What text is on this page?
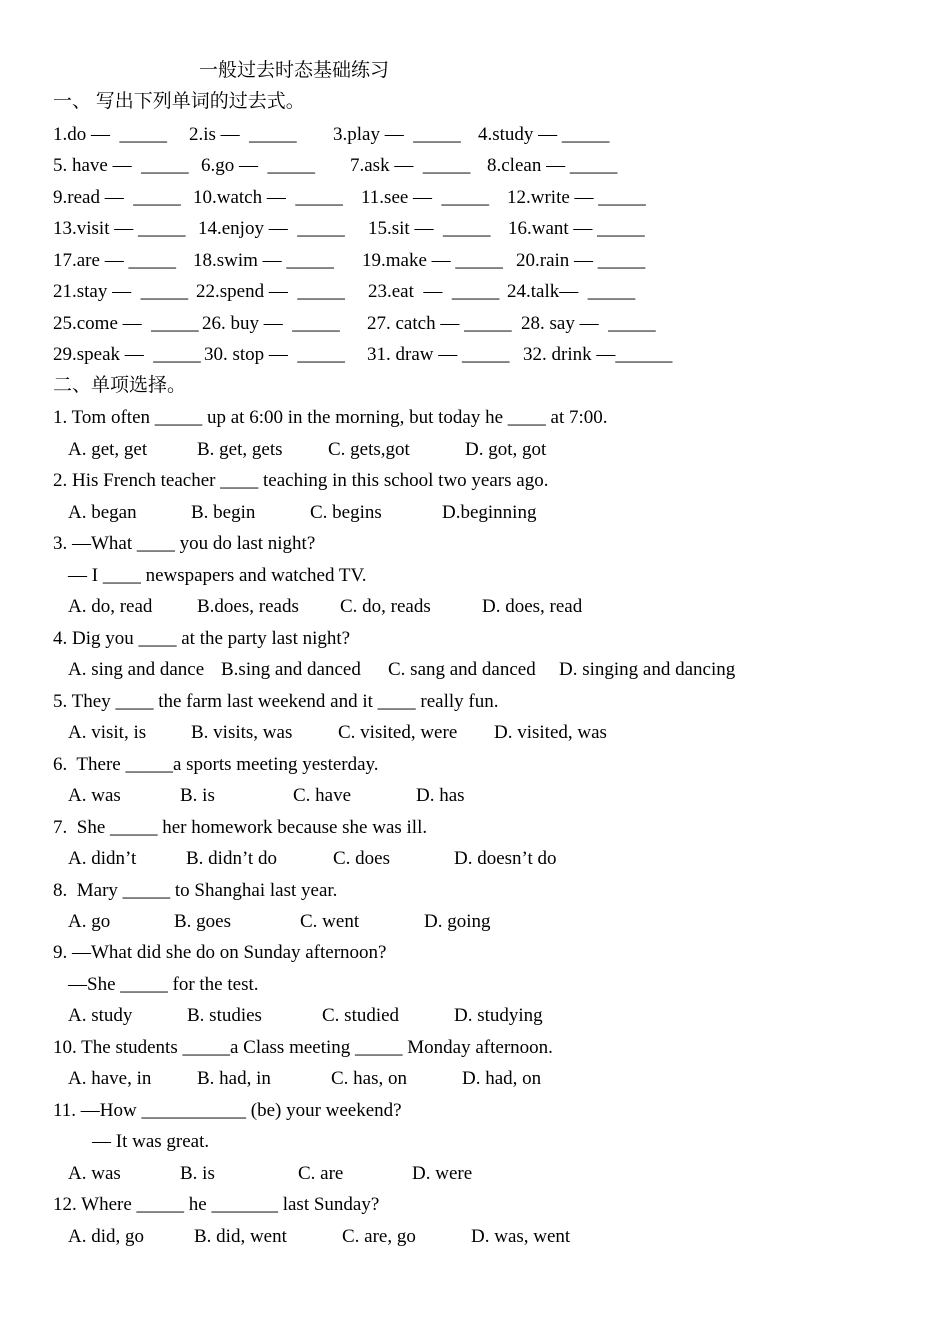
一般过去时态基础练习
一、 写出下列单词的过去式。
1.do —  _____ 2.is —  _____ 3.play —  _____ 4.study — _____
5. have —  _____ 6.go —  _____ 7.ask —  _____ 8.clean — _____
9.read —  _____ 10.watch —  _____ 11.see —  _____ 12.write — _____
13.visit — _____ 14.enjoy —  _____ 15.sit —  _____ 16.want — _____
17.are — _____ 18.swim — _____ 19.make — _____ 20.rain — _____
21.stay —  _____ 22.spend —  _____ 23.eat  —  _____ 24.talk—  _____
25.come —  _____ 26. buy —  _____ 27. catch — _____ 28. say —  _____
29.speak —  _____ 30. stop —  _____ 31. draw — _____ 32. drink —______
二、单项选择。
1. Tom often _____ up at 6:00 in the morning, but today he ____ at 7:00.
A. get, get	B. get, gets C. gets,got	D. got, got
2. His French teacher ____ teaching in this school two years ago.
A. began	B. begin	C. begins	D.beginning
3. —What ____ you do last night?
— I ____ newspapers and watched TV.
A. do, read B.does, reads C. do, reads	D. does, read
4. Dig you ____ at the party last night?
A. sing and dance B.sing and danced C. sang and danced D. singing and dancing
5. They ____ the farm last weekend and it ____ really fun.
A. visit, is B. visits, was C. visited, were D. visited, was
6.  There _____a sports meeting yesterday.
A. was	B. is	C. have	D. has
7.  She _____ her homework because she was ill.
A. didn’t	B. didn’t do	C. does	D. doesn’t do
8.  Mary _____ to Shanghai last year.
A. go	B. goes	C. went	D. going
9. —What did she do on Sunday afternoon?
—She _____ for the test.
A. study	B. studies	C. studied	D. studying
10. The students _____a Class meeting _____ Monday afternoon.
A. have, in B. had, in	C. has, on	D. had, on
11. —How ___________ (be) your weekend?
— It was great.
A. was	B. is	C. are	D. were
12. Where _____ he _______ last Sunday?
A. did, go	B. did, went	C. are, go	D. was, went
